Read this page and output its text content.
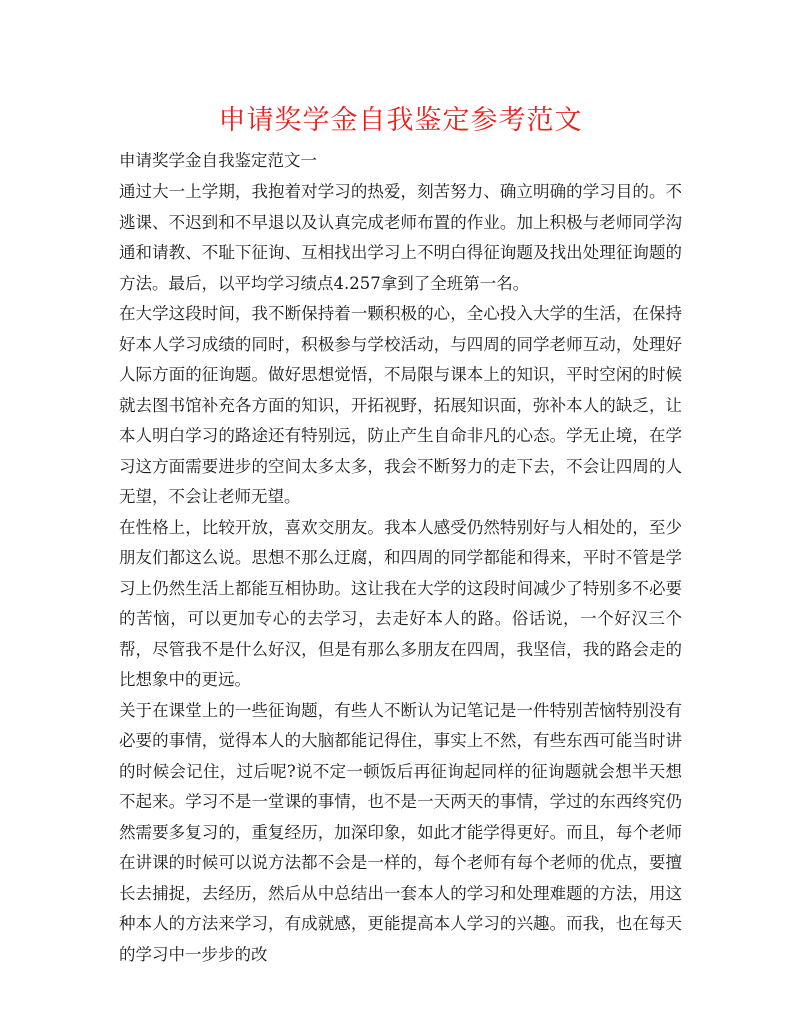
申请奖学金自我鉴定参考范文

申请奖学金自我鉴定范文一

通过大一上学期，我抱着对学习的热爱，刻苦努力、确立明确的学习目的。不逃课、不迟到和不早退以及认真完成老师布置的作业。加上积极与老师同学沟通和请教、不耻下征询、互相找出学习上不明白得征询题及找出处理征询题的方法。最后，以平均学习绩点4.257拿到了全班第一名。

在大学这段时间，我不断保持着一颗积极的心，全心投入大学的生活，在保持好本人学习成绩的同时，积极参与学校活动，与四周的同学老师互动，处理好人际方面的征询题。做好思想觉悟，不局限与课本上的知识，平时空闲的时候就去图书馆补充各方面的知识，开拓视野，拓展知识面，弥补本人的缺乏，让本人明白学习的路途还有特别远，防止产生自命非凡的心态。学无止境，在学习这方面需要进步的空间太多太多，我会不断努力的走下去，不会让四周的人无望，不会让老师无望。

在性格上，比较开放，喜欢交朋友。我本人感受仍然特别好与人相处的，至少朋友们都这么说。思想不那么迂腐，和四周的同学都能和得来，平时不管是学习上仍然生活上都能互相协助。这让我在大学的这段时间减少了特别多不必要的苦恼，可以更加专心的去学习，去走好本人的路。俗话说，一个好汉三个帮，尽管我不是什么好汉，但是有那么多朋友在四周，我坚信，我的路会走的比想象中的更远。

关于在课堂上的一些征询题，有些人不断认为记笔记是一件特别苦恼特别没有必要的事情，觉得本人的大脑都能记得住，事实上不然，有些东西可能当时讲的时候会记住，过后呢?说不定一顿饭后再征询起同样的征询题就会想半天想不起来。学习不是一堂课的事情，也不是一天两天的事情，学过的东西终究仍然需要多复习的，重复经历，加深印象，如此才能学得更好。而且，每个老师在讲课的时候可以说方法都不会是一样的，每个老师有每个老师的优点，要擅长去捕捉，去经历，然后从中总结出一套本人的学习和处理难题的方法，用这种本人的方法来学习，有成就感，更能提高本人学习的兴趣。而我，也在每天的学习中一步步的改
